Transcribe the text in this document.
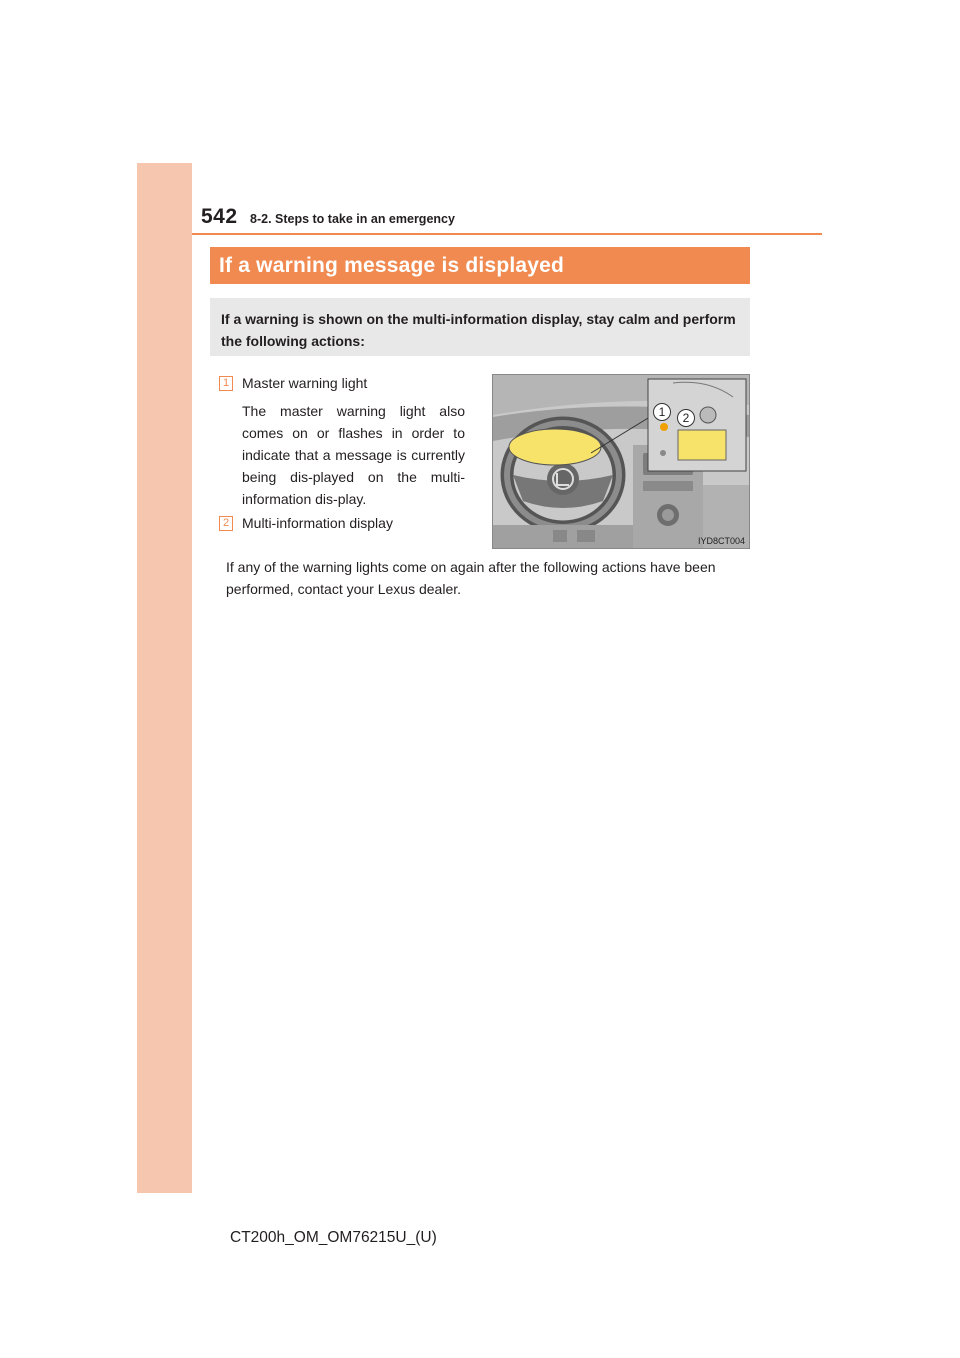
542 8-2. Steps to take in an emergency
If a warning message is displayed
If a warning is shown on the multi-information display, stay calm and perform the following actions:
1 Master warning light

The master warning light also comes on or flashes in order to indicate that a message is currently being dis-played on the multi-information dis-play.

2 Multi-information display
1	2
IYD8CT004
If any of the warning lights come on again after the following actions have been performed, contact your Lexus dealer.
CT200h_OM_OM76215U_(U)
